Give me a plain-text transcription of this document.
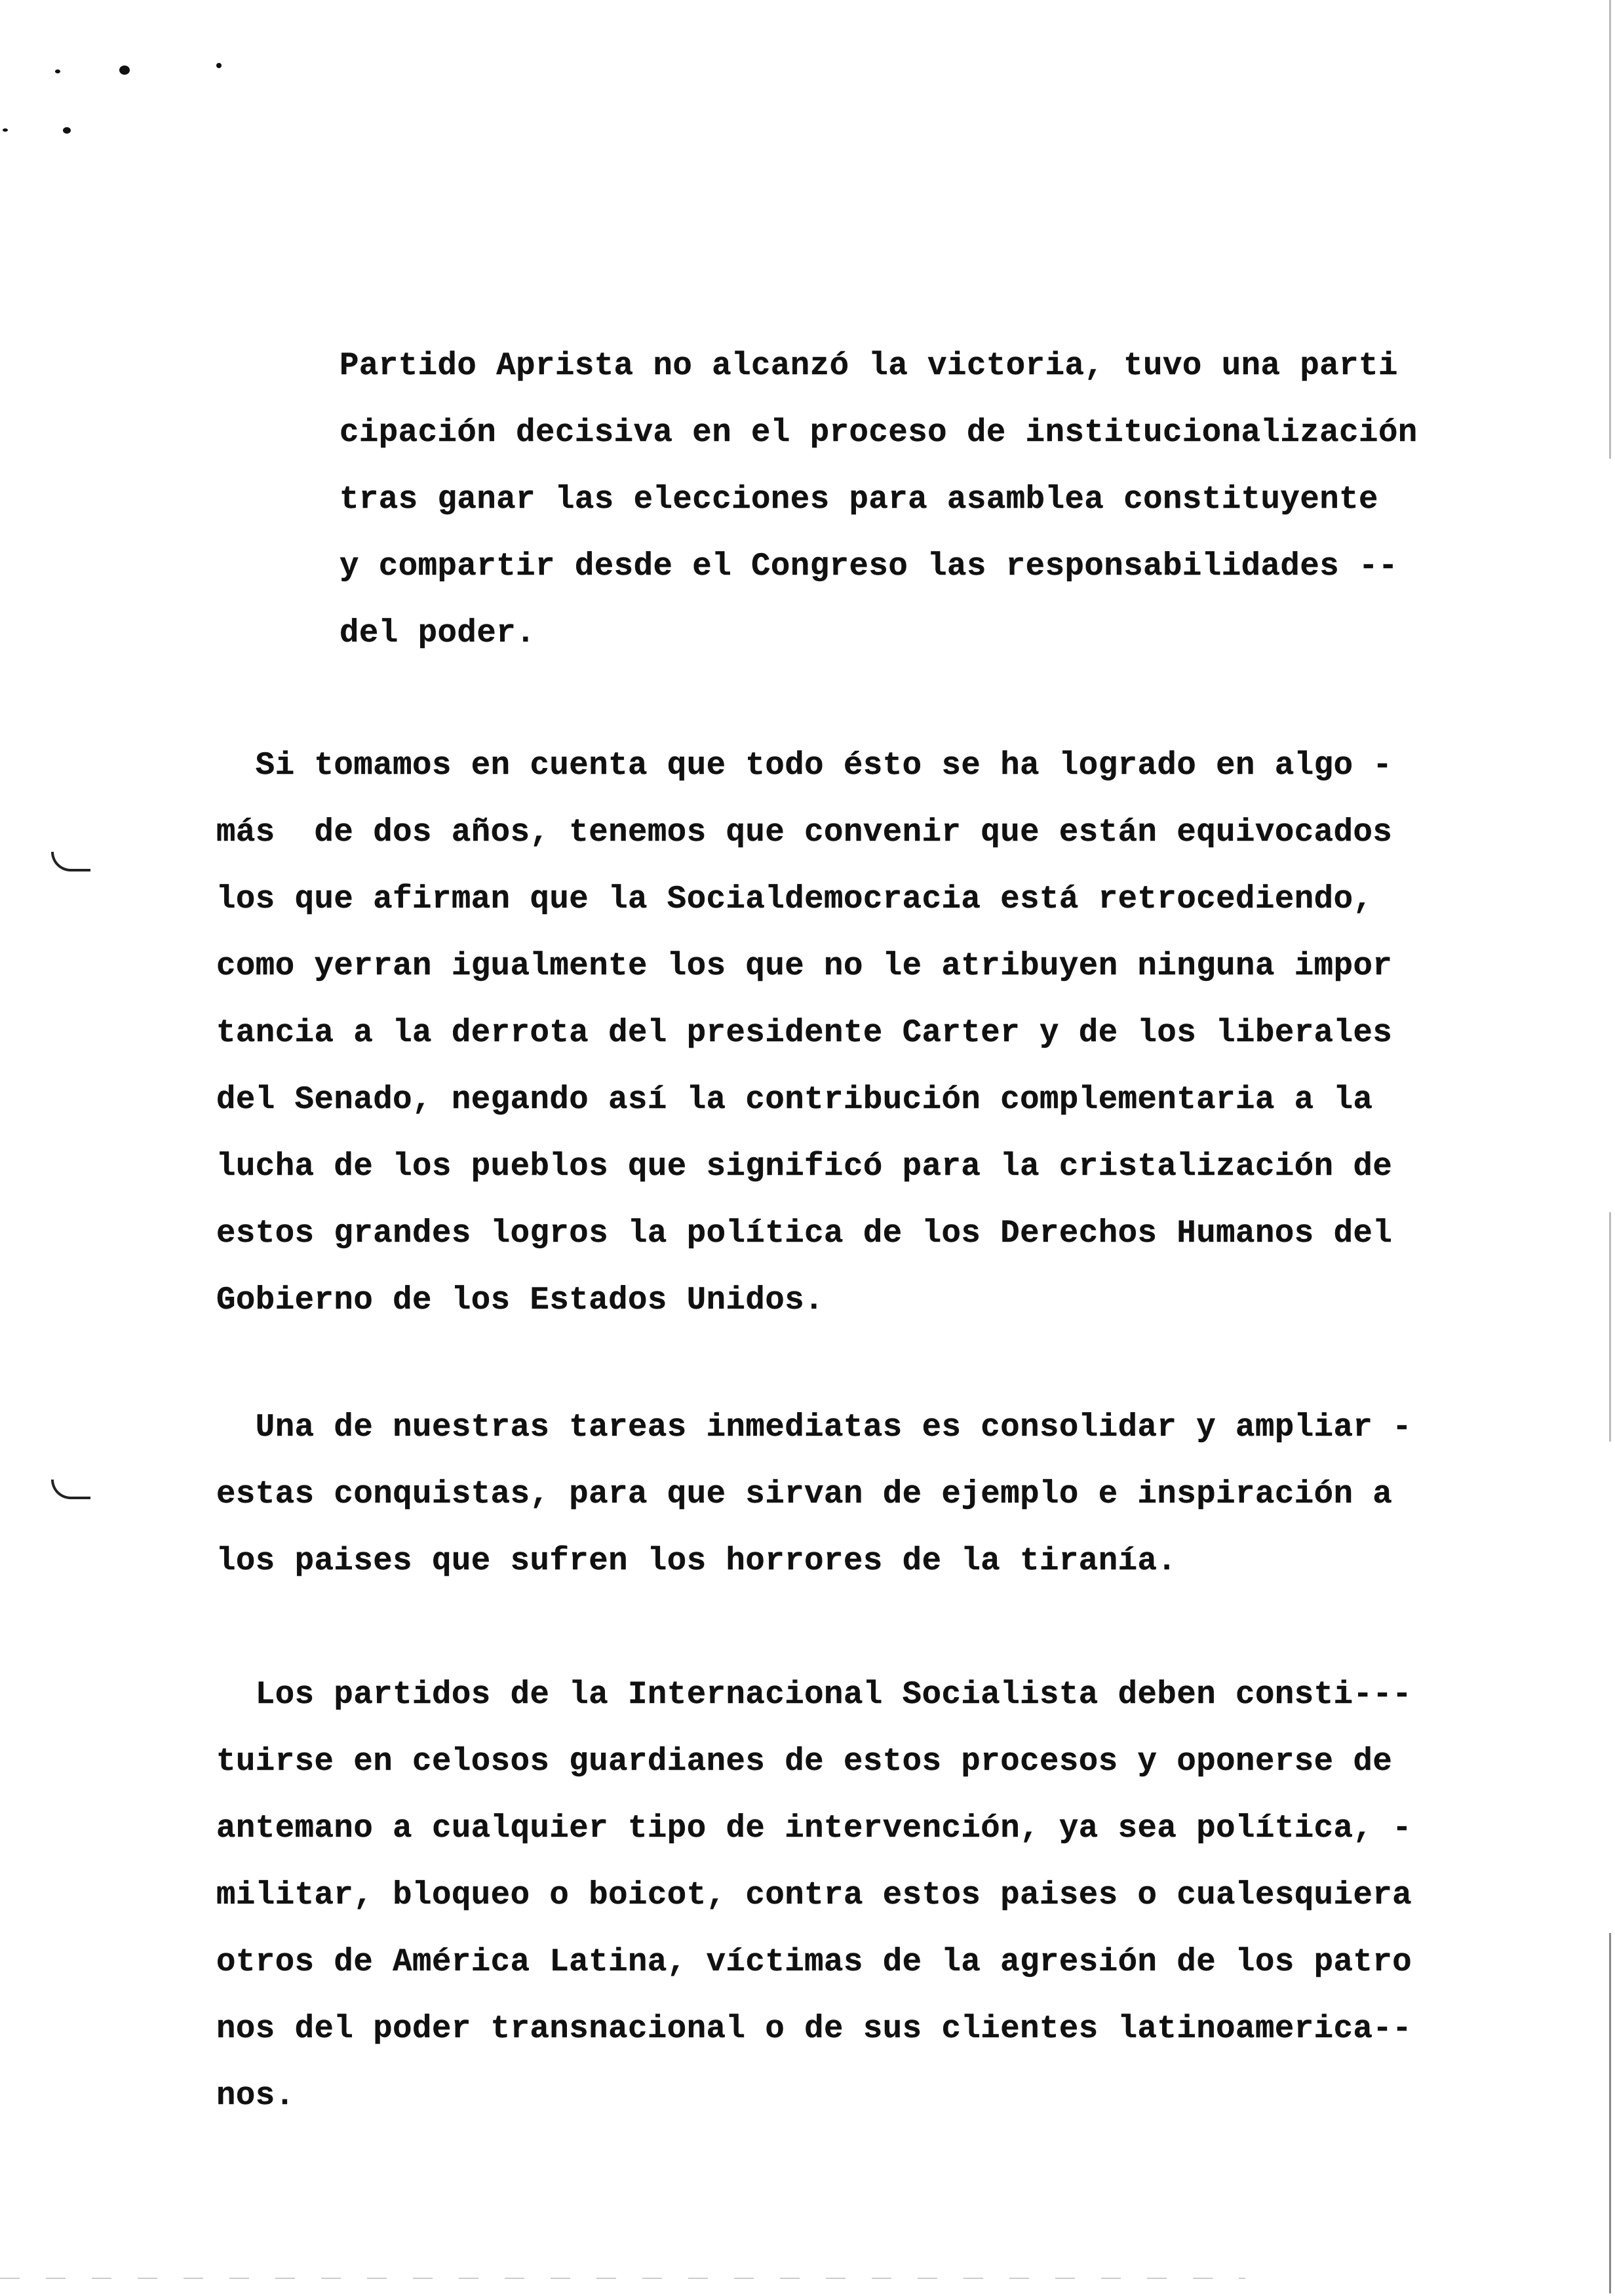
Partido Aprista no alcanzó la victoria, tuvo una parti
cipación decisiva en el proceso de institucionalización
tras ganar las elecciones para asamblea constituyente
y compartir desde el Congreso las responsabilidades --
del poder.
Si tomamos en cuenta que todo ésto se ha logrado en algo -
más  de dos años, tenemos que convenir que están equivocados
los que afirman que la Socialdemocracia está retrocediendo,
como yerran igualmente los que no le atribuyen ninguna impor
tancia a la derrota del presidente Carter y de los liberales
del Senado, negando así la contribución complementaria a la
lucha de los pueblos que significó para la cristalización de
estos grandes logros la política de los Derechos Humanos del
Gobierno de los Estados Unidos.
Una de nuestras tareas inmediatas es consolidar y ampliar -
estas conquistas, para que sirvan de ejemplo e inspiración a
los paises que sufren los horrores de la tiranía.
Los partidos de la Internacional Socialista deben consti---
tuirse en celosos guardianes de estos procesos y oponerse de
antemano a cualquier tipo de intervención, ya sea política, -
militar, bloqueo o boicot, contra estos paises o cualesquiera
otros de América Latina, víctimas de la agresión de los patro
nos del poder transnacional o de sus clientes latinoamerica--
nos.
